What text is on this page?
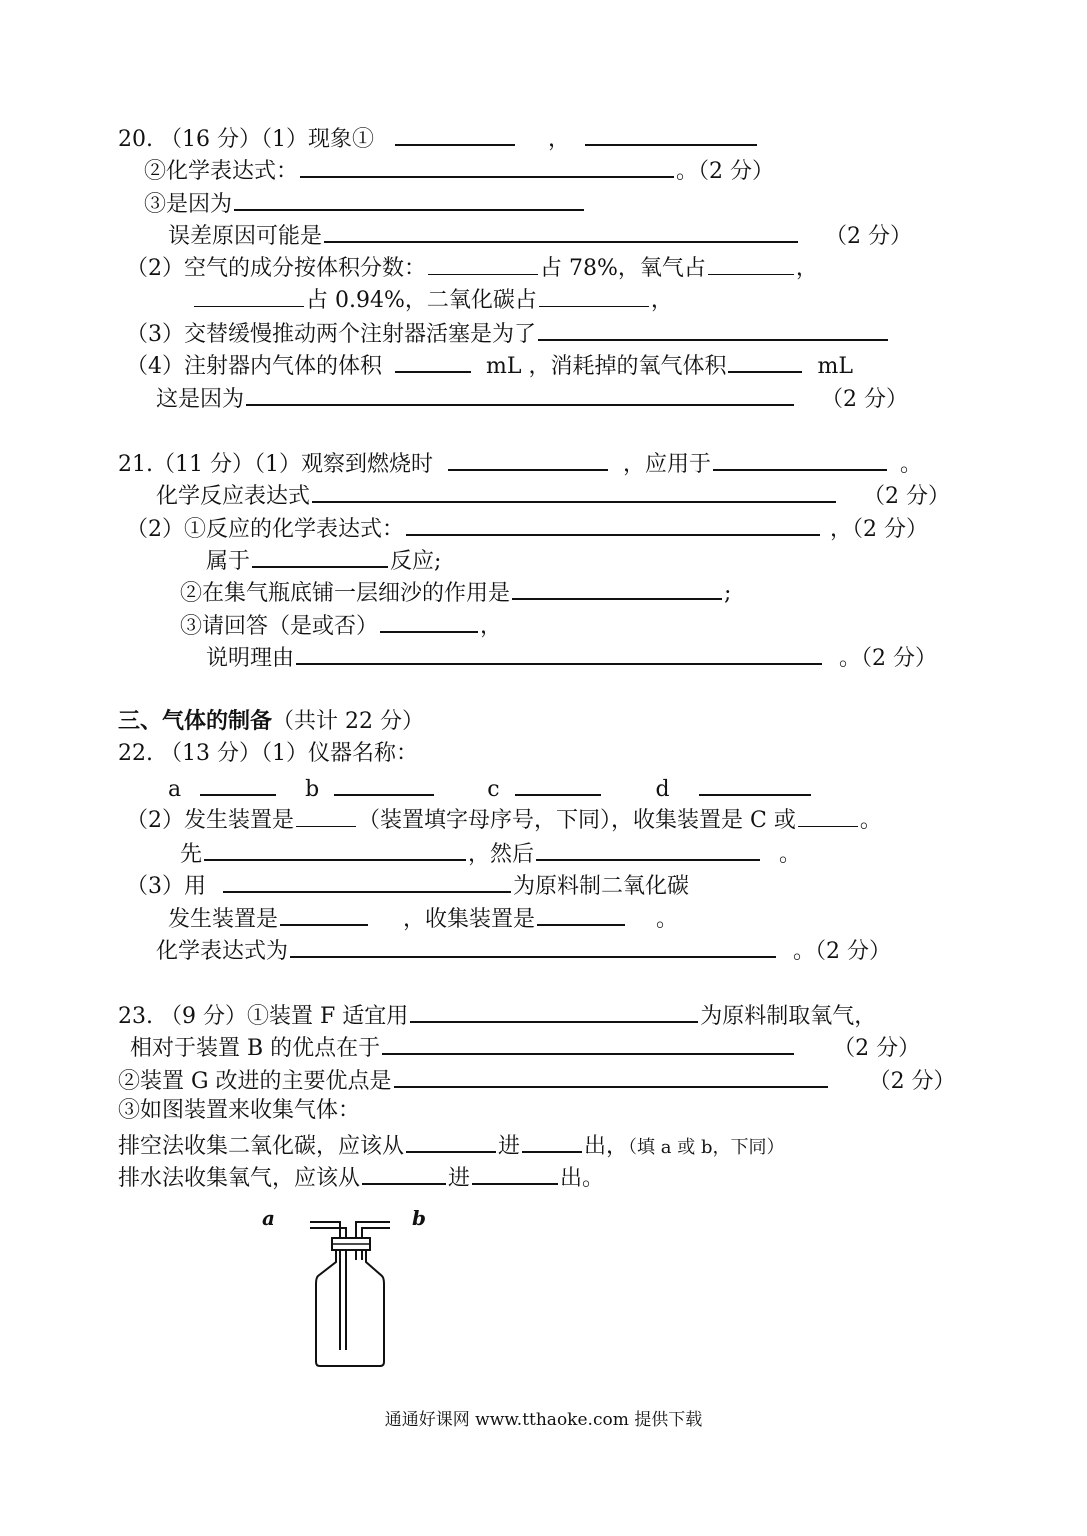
20. （16 分）（1）现象①	，
②化学表达式：	。（2 分）
③是因为
误差原因可能是	（2 分）
（2）空气的成分按体积分数：	占 78%，氧气占	，
占 0.94%，二氧化碳占	，
（3）交替缓慢推动两个注射器活塞是为了
（4）注射器内气体的体积	mL ，消耗掉的氧气体积	mL
这是因为	（2 分）
21.（11 分）（1）观察到燃烧时	，应用于	。
化学反应表达式	（2 分）
（2）①反应的化学表达式：	，（2 分）
属于	反应;
②在集气瓶底铺一层细沙的作用是	;
③请回答（是或否）	，
说明理由	。（2 分）
三、气体的制备（共计 22 分）
22. （13 分）（1）仪器名称：
a	b	c	d
（2）发生装置是	（装置填字母序号，下同），收集装置是 C 或	。
先	，然后	。
（3）用	为原料制二氧化碳
发生装置是	，收集装置是	。
化学表达式为	。（2 分）
23. （9 分）①装置 F 适宜用	为原料制取氧气，
相对于装置 B 的优点在于	（2 分）
②装置 G 改进的主要优点是	（2 分）
③如图装置来收集气体：
排空法收集二氧化碳，应该从	进	出，（填 a 或 b，下同）
排水法收集氧气，应该从	进	出。
a	b
通通好课网 www.tthaoke.com 提供下载
